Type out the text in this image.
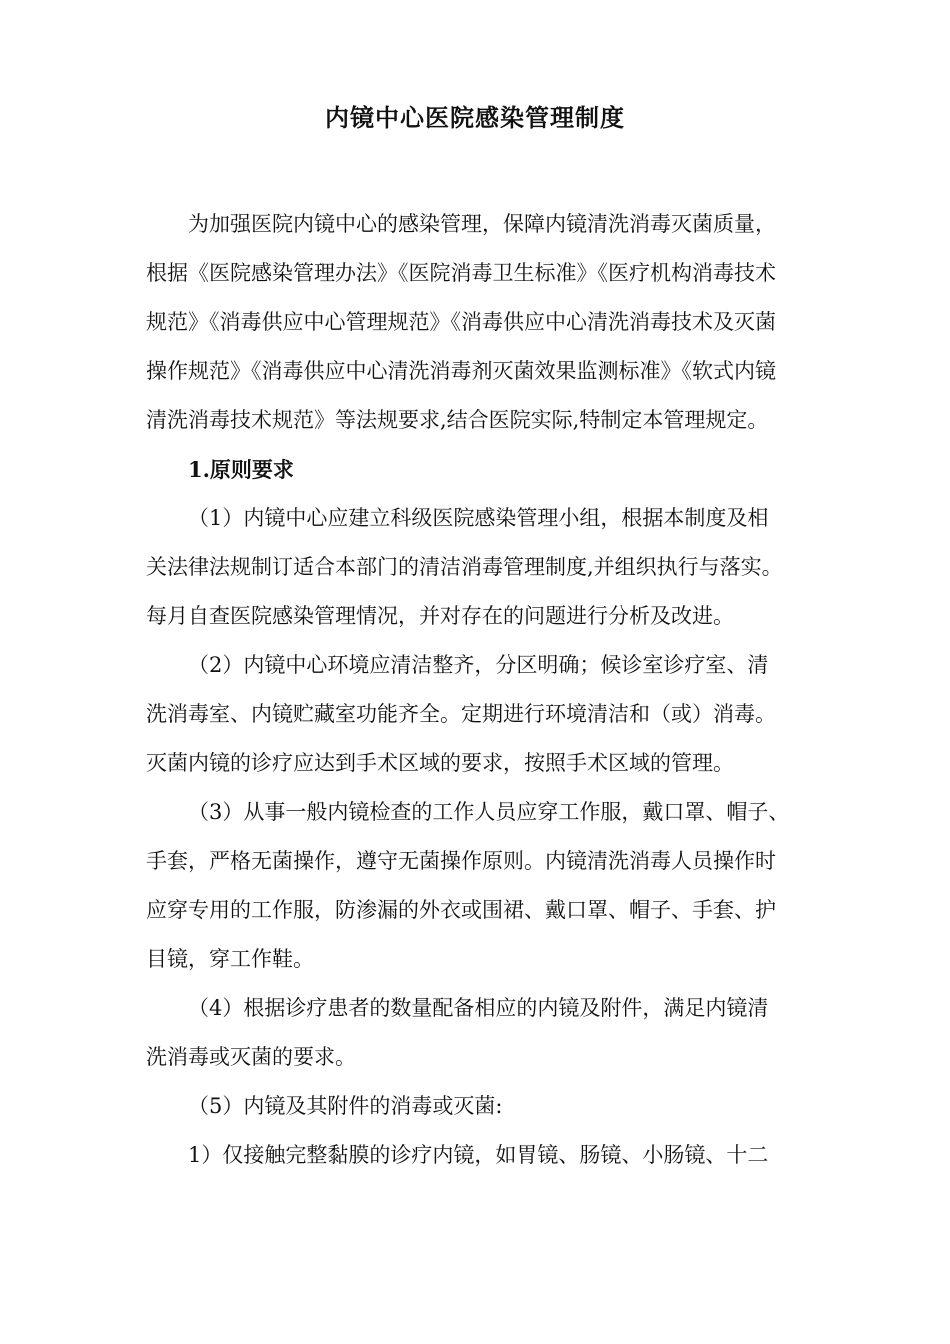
内镜中心医院感染管理制度
为加强医院内镜中心的感染管理，保障内镜清洗消毒灭菌质量，
根据《医院感染管理办法》《医院消毒卫生标准》《医疗机构消毒技术
规范》《消毒供应中心管理规范》《消毒供应中心清洗消毒技术及灭菌
操作规范》《消毒供应中心清洗消毒剂灭菌效果监测标准》《软式内镜
清洗消毒技术规范》等法规要求,结合医院实际,特制定本管理规定。
1.原则要求
（1）内镜中心应建立科级医院感染管理小组，根据本制度及相
关法律法规制订适合本部门的清洁消毒管理制度,并组织执行与落实。
每月自查医院感染管理情况，并对存在的问题进行分析及改进。
（2）内镜中心环境应清洁整齐，分区明确；候诊室诊疗室、清
洗消毒室、内镜贮藏室功能齐全。定期进行环境清洁和（或）消毒。
灭菌内镜的诊疗应达到手术区域的要求，按照手术区域的管理。
（3）从事一般内镜检查的工作人员应穿工作服，戴口罩、帽子、
手套，严格无菌操作，遵守无菌操作原则。内镜清洗消毒人员操作时
应穿专用的工作服，防渗漏的外衣或围裙、戴口罩、帽子、手套、护
目镜，穿工作鞋。
（4）根据诊疗患者的数量配备相应的内镜及附件，满足内镜清
洗消毒或灭菌的要求。
（5）内镜及其附件的消毒或灭菌:
1）仅接触完整黏膜的诊疗内镜，如胃镜、肠镜、小肠镜、十二
